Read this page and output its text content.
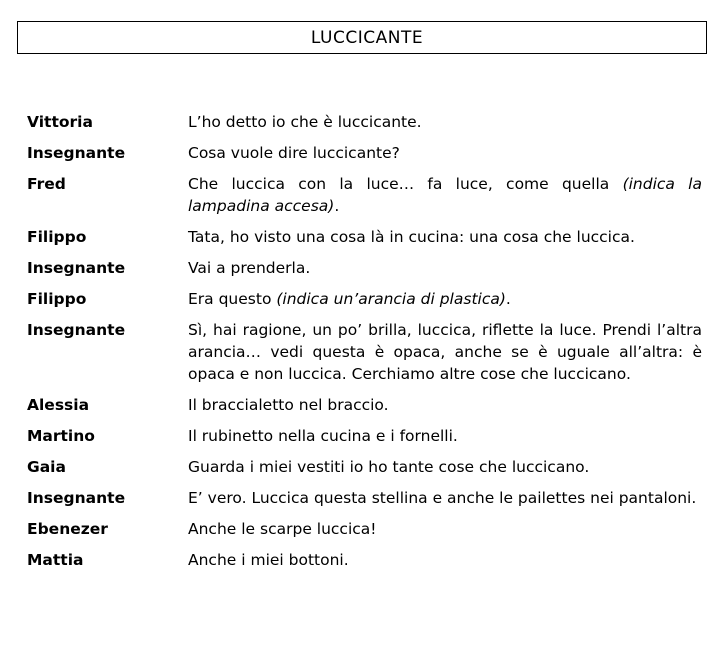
LUCCICANTE
Vittoria	L’ho detto io che è luccicante.
Insegnante	Cosa vuole dire luccicante?
Fred	Che luccica con la luce… fa luce, come quella (indica la lampadina accesa).
Filippo	Tata, ho visto una cosa là in cucina: una cosa che luccica.
Insegnante	Vai a prenderla.
Filippo	Era questo (indica un’arancia di plastica).
Insegnante	Sì, hai ragione, un po’ brilla, luccica, riflette la luce. Prendi l’altra arancia… vedi questa è opaca, anche se è uguale all’altra: è opaca e non luccica. Cerchiamo altre cose che luccicano.
Alessia	Il braccialetto nel braccio.
Martino	Il rubinetto nella cucina e i fornelli.
Gaia	Guarda i miei vestiti io ho tante cose che luccicano.
Insegnante	E’ vero. Luccica questa stellina e anche le pailettes nei pantaloni.
Ebenezer	Anche le scarpe luccica!
Mattia	Anche i miei bottoni.
